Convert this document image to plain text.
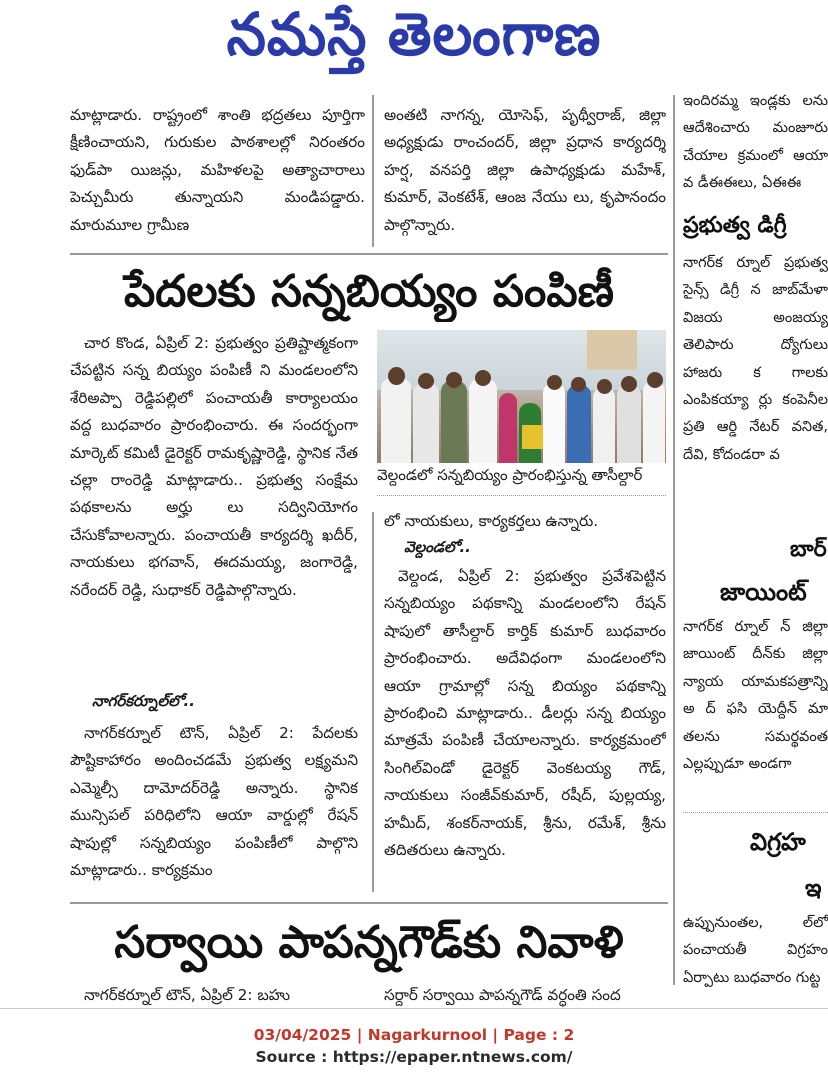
నమస్తే తెలంగాణ

మాట్లాడారు. రాష్ట్రంలో శాంతి భద్రతలు పూర్తిగా క్షీణించాయని, గురుకుల పాఠశాలల్లో నిరంతరం ఫుడ్‌పా యిజన్లు, మహిళలపై అత్యాచారాలు పెచ్చుమీరు తున్నాయని మండిపడ్డారు. మారుమూల గ్రామీణ

అంతటి నాగన్న, యోసెఫ్, పృథ్వీరాజ్, జిల్లా అధ్యక్షుడు రాంచందర్, జిల్లా ప్రధాన కార్యదర్శి హర్ష, వనపర్తి జిల్లా ఉపాధ్యక్షుడు మహేశ్, కుమార్, వెంకటేశ్, ఆంజ నేయు లు, కృపానందం పాల్గొన్నారు.

పేదలకు సన్నబియ్యం పంపిణీ

చార కొండ, ఏప్రిల్ 2: ప్రభుత్వం ప్రతిష్టాత్మకంగా చేపట్టిన సన్న బియ్యం పంపిణీ ని మండలంలోని శేరిఅప్పా రెడ్డిపల్లిలో పంచాయతీ కార్యాలయం వద్ద బుధవారం ప్రారంభించారు. ఈ సందర్భంగా మార్కెట్ కమిటీ డైరెక్టర్ రామకృష్ణారెడ్డి, స్థానిక నేత చల్లా రాంరెడ్డి మాట్లాడారు.. ప్రభుత్వ సంక్షేమ పథకాలను అర్హు లు సద్వినియోగం చేసుకోవాలన్నారు. పంచాయతీ కార్యదర్శి ఖదీర్, నాయకులు భగవాన్, ఈదమయ్య, జంగారెడ్డి, నరేందర్ రెడ్డి, సుధాకర్ రెడ్డిపాల్గొన్నారు.

నాగర్‌కర్నూల్‌లో..

నాగర్‌కర్నూల్ టౌన్, ఏప్రిల్ 2: పేదలకు పౌష్టికాహారం అందించడమే ప్రభుత్వ లక్ష్యమని ఎమ్మెల్సీ దామోదర్‌రెడ్డి అన్నారు. స్థానిక మున్సిపల్ పరిధిలోని ఆయా వార్డుల్లో రేషన్ షాపుల్లో సన్నబియ్యం పంపిణీలో పాల్గొని మాట్లాడారు.. కార్యక్రమం

వెల్దండలో సన్నబియ్యం ప్రారంభిస్తున్న తాసీల్దార్

లో నాయకులు, కార్యకర్తలు ఉన్నారు.

వెల్దండలో..

వెల్దండ, ఏప్రిల్ 2: ప్రభుత్వం ప్రవేశపెట్టిన సన్నబియ్యం పథకాన్ని మండలంలోని రేషన్ షాపులో తాసీల్దార్ కార్తిక్ కుమార్ బుధవారం ప్రారంభించారు. అదేవిధంగా మండలంలోని ఆయా గ్రామాల్లో సన్న బియ్యం పథకాన్ని ప్రారంభించి మాట్లాడారు.. డీలర్లు సన్న బియ్యం మాత్రమే పంపిణీ చేయాలన్నారు. కార్యక్రమంలో సింగిల్‌విండో డైరెక్టర్ వెంకటయ్య గౌడ్, నాయకులు సంజీవ్‌కుమార్, రషీద్, పుల్లయ్య, హమీద్, శంకర్‌నాయక్, శ్రీను, రమేశ్, శ్రీను తదితరులు ఉన్నారు.

సర్వాయి పాపన్నగౌడ్‌కు నివాళి

నాగర్‌కర్నూల్ టౌన్, ఏప్రిల్ 2: బహు	సర్దార్ సర్వాయి పాపన్నగౌడ్ వర్ధంతి సంద

ఇందిరమ్మ ఇండ్లకు లను ఆదేశించారు మంజూరు చేయాల క్రమంలో ఆయా వ డీఈఈలు, ఏఈఈ

ప్రభుత్వ డిగ్రీ

నాగర్‌క ర్నూల్ ప్రభుత్వ సైన్స్ డిగ్రీ న జాబ్‌మేళా విజయ అంజయ్య తెలిపారు ద్యోగులు హాజరు క గాలకు ఎంపికయ్యా ర్లు కంపెనీల ప్రతి ఆర్డి నేటర్ వనిత, దేవి, కోదండరా వ

బార్
జాయింట్

నాగర్‌క ర్నూల్ న్ జిల్లా జాయింట్ దీన్‌కు జిల్లా న్యాయ యామకపత్రాన్ని అ ద్ ఫసి యెద్దీన్ మా తలను సమర్థవంత ఎల్లప్పుడూ అండగా

విగ్రహ
ఇ

ఉప్పునుంతల, ల్‌లో పంచాయతీ విగ్రహం ఏర్పాటు బుధవారం గుట్ట

03/04/2025 | Nagarkurnool | Page : 2
Source : https://epaper.ntnews.com/
